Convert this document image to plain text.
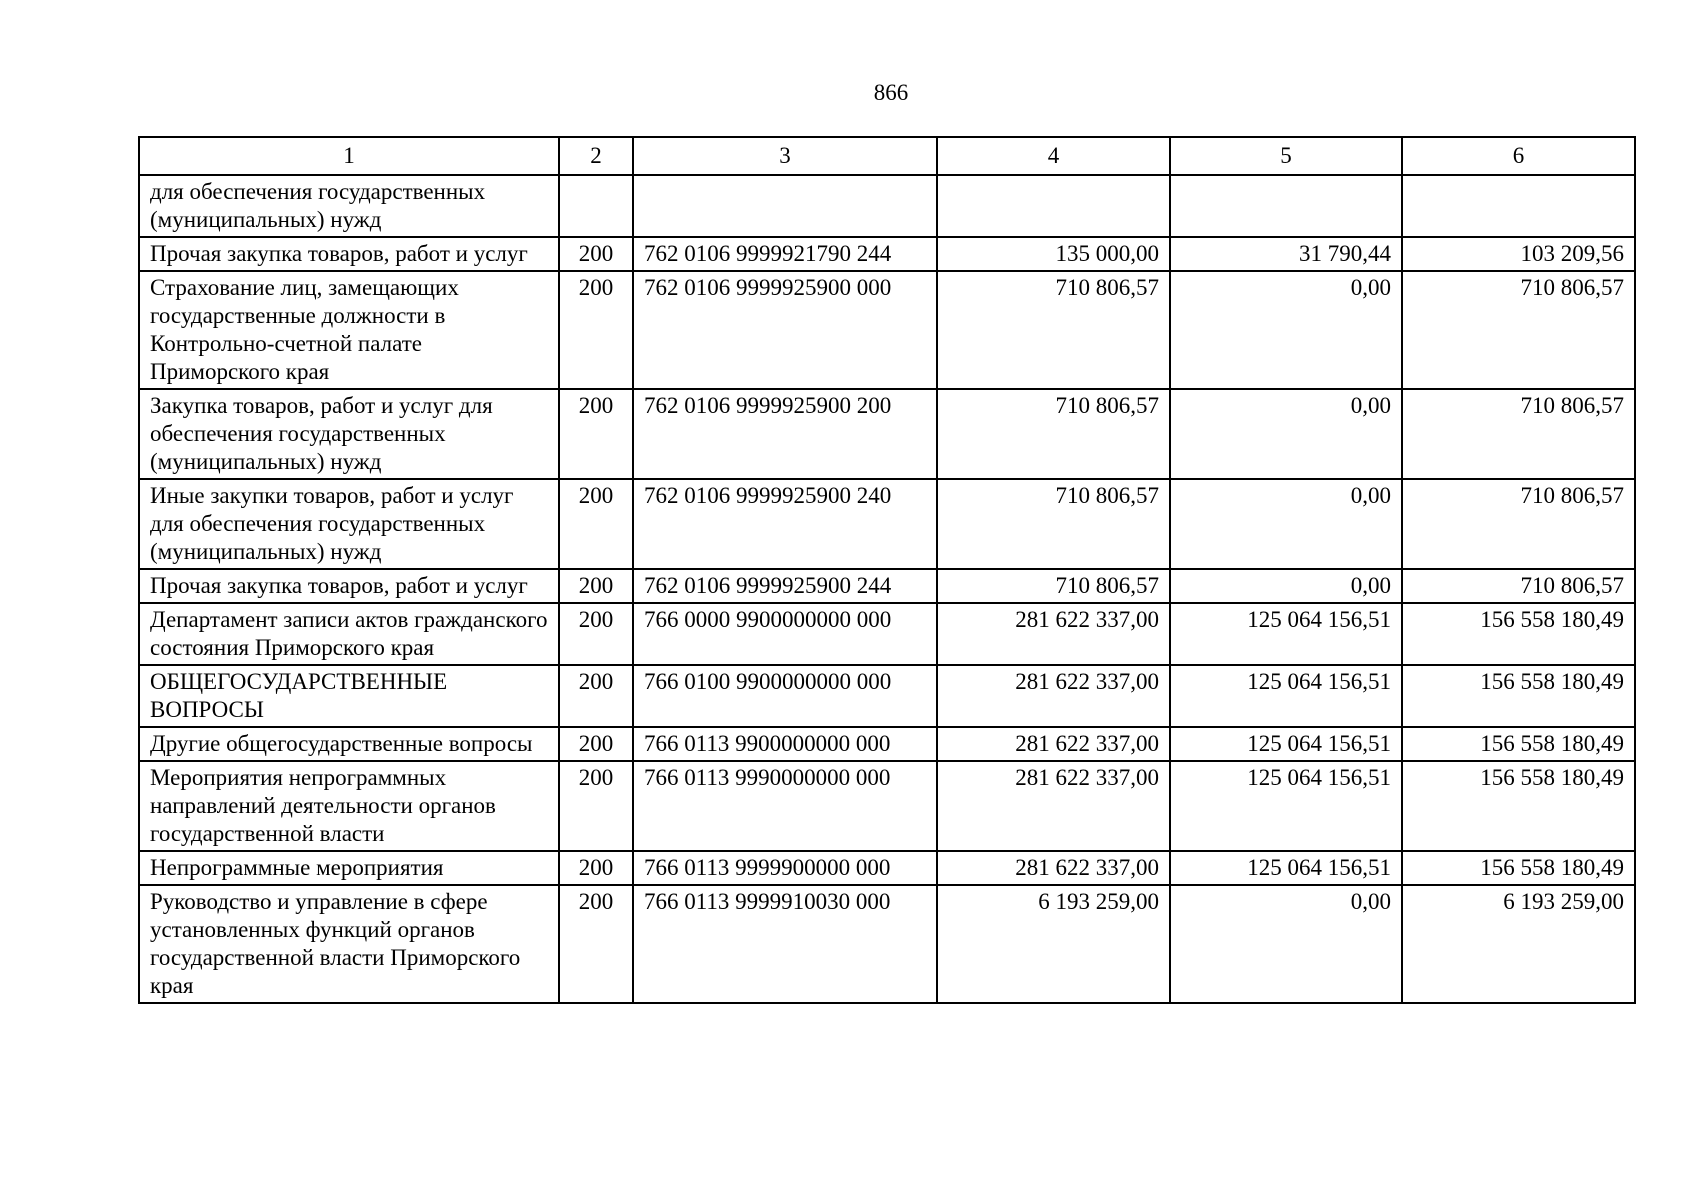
866
1	2	3	4	5	6
для обеспечения государственных (муниципальных) нужд					
Прочая закупка товаров, работ и услуг	200	762 0106 9999921790 244	135 000,00	31 790,44	103 209,56
Страхование лиц, замещающих государственные должности в Контрольно-счетной палате Приморского края	200	762 0106 9999925900 000	710 806,57	0,00	710 806,57
Закупка товаров, работ и услуг для обеспечения государственных (муниципальных) нужд	200	762 0106 9999925900 200	710 806,57	0,00	710 806,57
Иные закупки товаров, работ и услуг для обеспечения государственных (муниципальных) нужд	200	762 0106 9999925900 240	710 806,57	0,00	710 806,57
Прочая закупка товаров, работ и услуг	200	762 0106 9999925900 244	710 806,57	0,00	710 806,57
Департамент записи актов гражданского состояния Приморского края	200	766 0000 9900000000 000	281 622 337,00	125 064 156,51	156 558 180,49
ОБЩЕГОСУДАРСТВЕННЫЕ ВОПРОСЫ	200	766 0100 9900000000 000	281 622 337,00	125 064 156,51	156 558 180,49
Другие общегосударственные вопросы	200	766 0113 9900000000 000	281 622 337,00	125 064 156,51	156 558 180,49
Мероприятия непрограммных направлений деятельности органов государственной власти	200	766 0113 9990000000 000	281 622 337,00	125 064 156,51	156 558 180,49
Непрограммные мероприятия	200	766 0113 9999900000 000	281 622 337,00	125 064 156,51	156 558 180,49
Руководство и управление в сфере установленных функций органов государственной власти Приморского края	200	766 0113 9999910030 000	6 193 259,00	0,00	6 193 259,00
